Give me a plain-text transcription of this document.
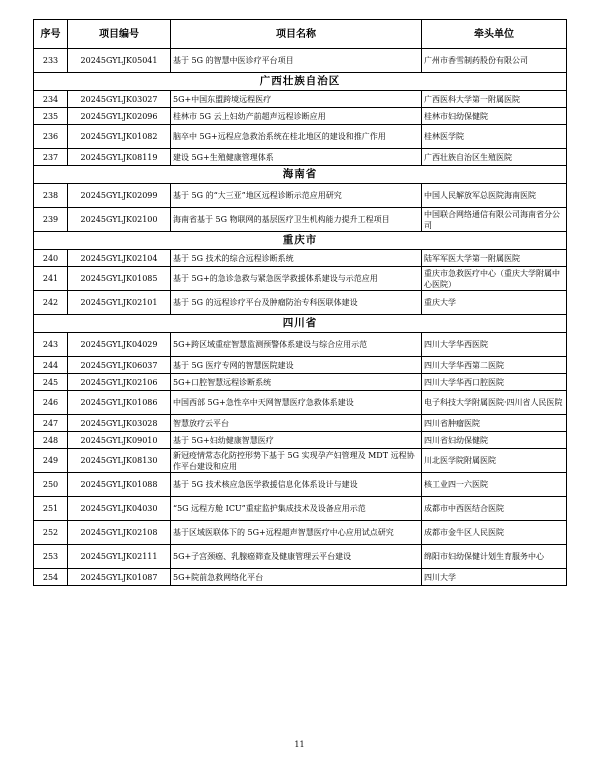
序号	项目编号	项目名称	牵头单位
233	20245GYLJK05041	基于 5G 的智慧中医诊疗平台项目	广州市香雪制药股份有限公司
广西壮族自治区			
234	20245GYLJK03027	5G+中国东盟跨境远程医疗	广西医科大学第一附属医院
235	20245GYLJK02096	桂林市 5G 云上妇幼产前超声远程诊断应用	桂林市妇幼保健院
236	20245GYLJK01082	脑卒中 5G+远程应急救治系统在桂北地区的建设和推广作用	桂林医学院
237	20245GYLJK08119	建设 5G+生殖健康管理体系	广西壮族自治区生殖医院
海南省			
238	20245GYLJK02099	基于 5G 的“大三亚”地区远程诊断示范应用研究	中国人民解放军总医院海南医院
239	20245GYLJK02100	海南省基于 5G 物联网的基层医疗卫生机构能力提升工程项目	中国联合网络通信有限公司海南省分公司
重庆市			
240	20245GYLJK02104	基于 5G 技术的综合远程诊断系统	陆军军医大学第一附属医院
241	20245GYLJK01085	基于 5G+的急诊急救与紧急医学救援体系建设与示范应用	重庆市急救医疗中心（重庆大学附属中心医院）
242	20245GYLJK02101	基于 5G 的远程诊疗平台及肿瘤防治专科医联体建设	重庆大学
四川省			
243	20245GYLJK04029	5G+跨区域重症智慧监测预警体系建设与综合应用示范	四川大学华西医院
244	20245GYLJK06037	基于 5G 医疗专网的智慧医院建设	四川大学华西第二医院
245	20245GYLJK02106	5G+口腔智慧远程诊断系统	四川大学华西口腔医院
246	20245GYLJK01086	中国西部 5G+急性卒中天网智慧医疗急救体系建设	电子科技大学附属医院·四川省人民医院
247	20245GYLJK03028	智慧放疗云平台	四川省肿瘤医院
248	20245GYLJK09010	基于 5G+妇幼健康智慧医疗	四川省妇幼保健院
249	20245GYLJK08130	新冠疫情常态化防控形势下基于 5G 实现孕产妇管理及 MDT 远程协作平台建设和应用	川北医学院附属医院
250	20245GYLJK01088	基于 5G 技术核应急医学救援信息化体系设计与建设	核工业四一六医院
251	20245GYLJK04030	“5G 远程方舱 ICU”重症监护集成技术及设备应用示范	成都市中西医结合医院
252	20245GYLJK02108	基于区域医联体下的 5G+远程超声智慧医疗中心应用试点研究	成都市金牛区人民医院
253	20245GYLJK02111	5G+子宫颈癌、乳腺癌筛查及健康管理云平台建设	绵阳市妇幼保健计划生育服务中心
254	20245GYLJK01087	5G+院前急救网络化平台	四川大学
11
